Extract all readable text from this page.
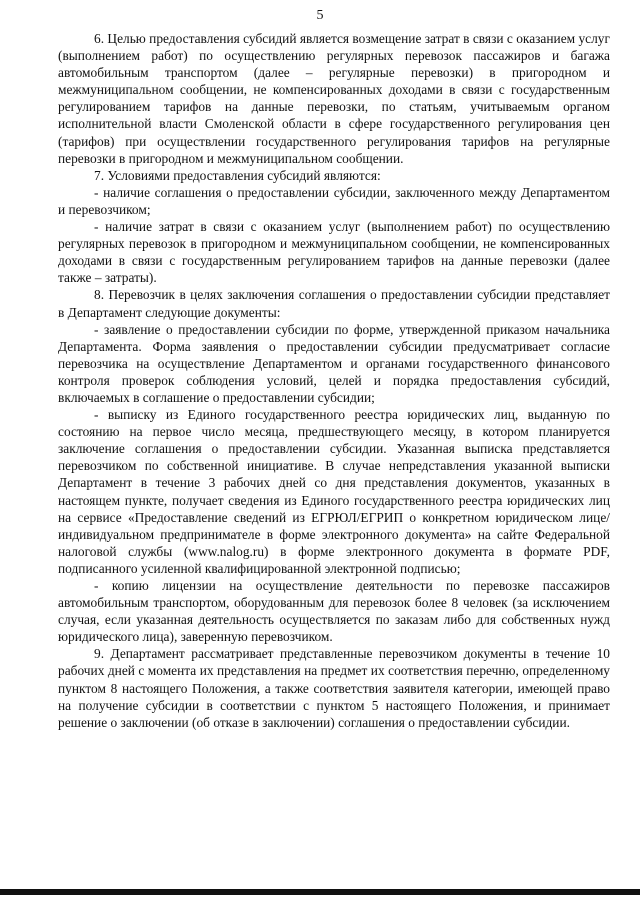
5

6. Целью предоставления субсидий является возмещение затрат в связи с оказанием услуг (выполнением работ) по осуществлению регулярных перевозок пассажиров и багажа автомобильным транспортом (далее – регулярные перевозки) в пригородном и межмуниципальном сообщении, не компенсированных доходами в связи с государственным регулированием тарифов на данные перевозки, по статьям, учитываемым органом исполнительной власти Смоленской области в сфере государственного регулирования цен (тарифов) при осуществлении государственного регулирования тарифов на регулярные перевозки в пригородном и межмуниципальном сообщении.

7. Условиями предоставления субсидий являются:

- наличие соглашения о предоставлении субсидии, заключенного между Департаментом и перевозчиком;

- наличие затрат в связи с оказанием услуг (выполнением работ) по осуществлению регулярных перевозок в пригородном и межмуниципальном сообщении, не компенсированных доходами в связи с государственным регулированием тарифов на данные перевозки (далее также – затраты).

8. Перевозчик в целях заключения соглашения о предоставлении субсидии представляет в Департамент следующие документы:

- заявление о предоставлении субсидии по форме, утвержденной приказом начальника Департамента. Форма заявления о предоставлении субсидии предусматривает согласие перевозчика на осуществление Департаментом и органами государственного финансового контроля проверок соблюдения условий, целей и порядка предоставления субсидий, включаемых в соглашение о предоставлении субсидии;

- выписку из Единого государственного реестра юридических лиц, выданную по состоянию на первое число месяца, предшествующего месяцу, в котором планируется заключение соглашения о предоставлении субсидии. Указанная выписка представляется перевозчиком по собственной инициативе. В случае непредставления указанной выписки Департамент в течение 3 рабочих дней со дня представления документов, указанных в настоящем пункте, получает сведения из Единого государственного реестра юридических лиц на сервисе «Предоставление сведений из ЕГРЮЛ/ЕГРИП о конкретном юридическом лице/индивидуальном предпринимателе в форме электронного документа» на сайте Федеральной налоговой службы (www.nalog.ru) в форме электронного документа в формате PDF, подписанного усиленной квалифицированной электронной подписью;

- копию лицензии на осуществление деятельности по перевозке пассажиров автомобильным транспортом, оборудованным для перевозок более 8 человек (за исключением случая, если указанная деятельность осуществляется по заказам либо для собственных нужд юридического лица), заверенную перевозчиком.

9. Департамент рассматривает представленные перевозчиком документы в течение 10 рабочих дней с момента их представления на предмет их соответствия перечню, определенному пунктом 8 настоящего Положения, а также соответствия заявителя категории, имеющей право на получение субсидии в соответствии с пунктом 5 настоящего Положения, и принимает решение о заключении (об отказе в заключении) соглашения о предоставлении субсидии.
